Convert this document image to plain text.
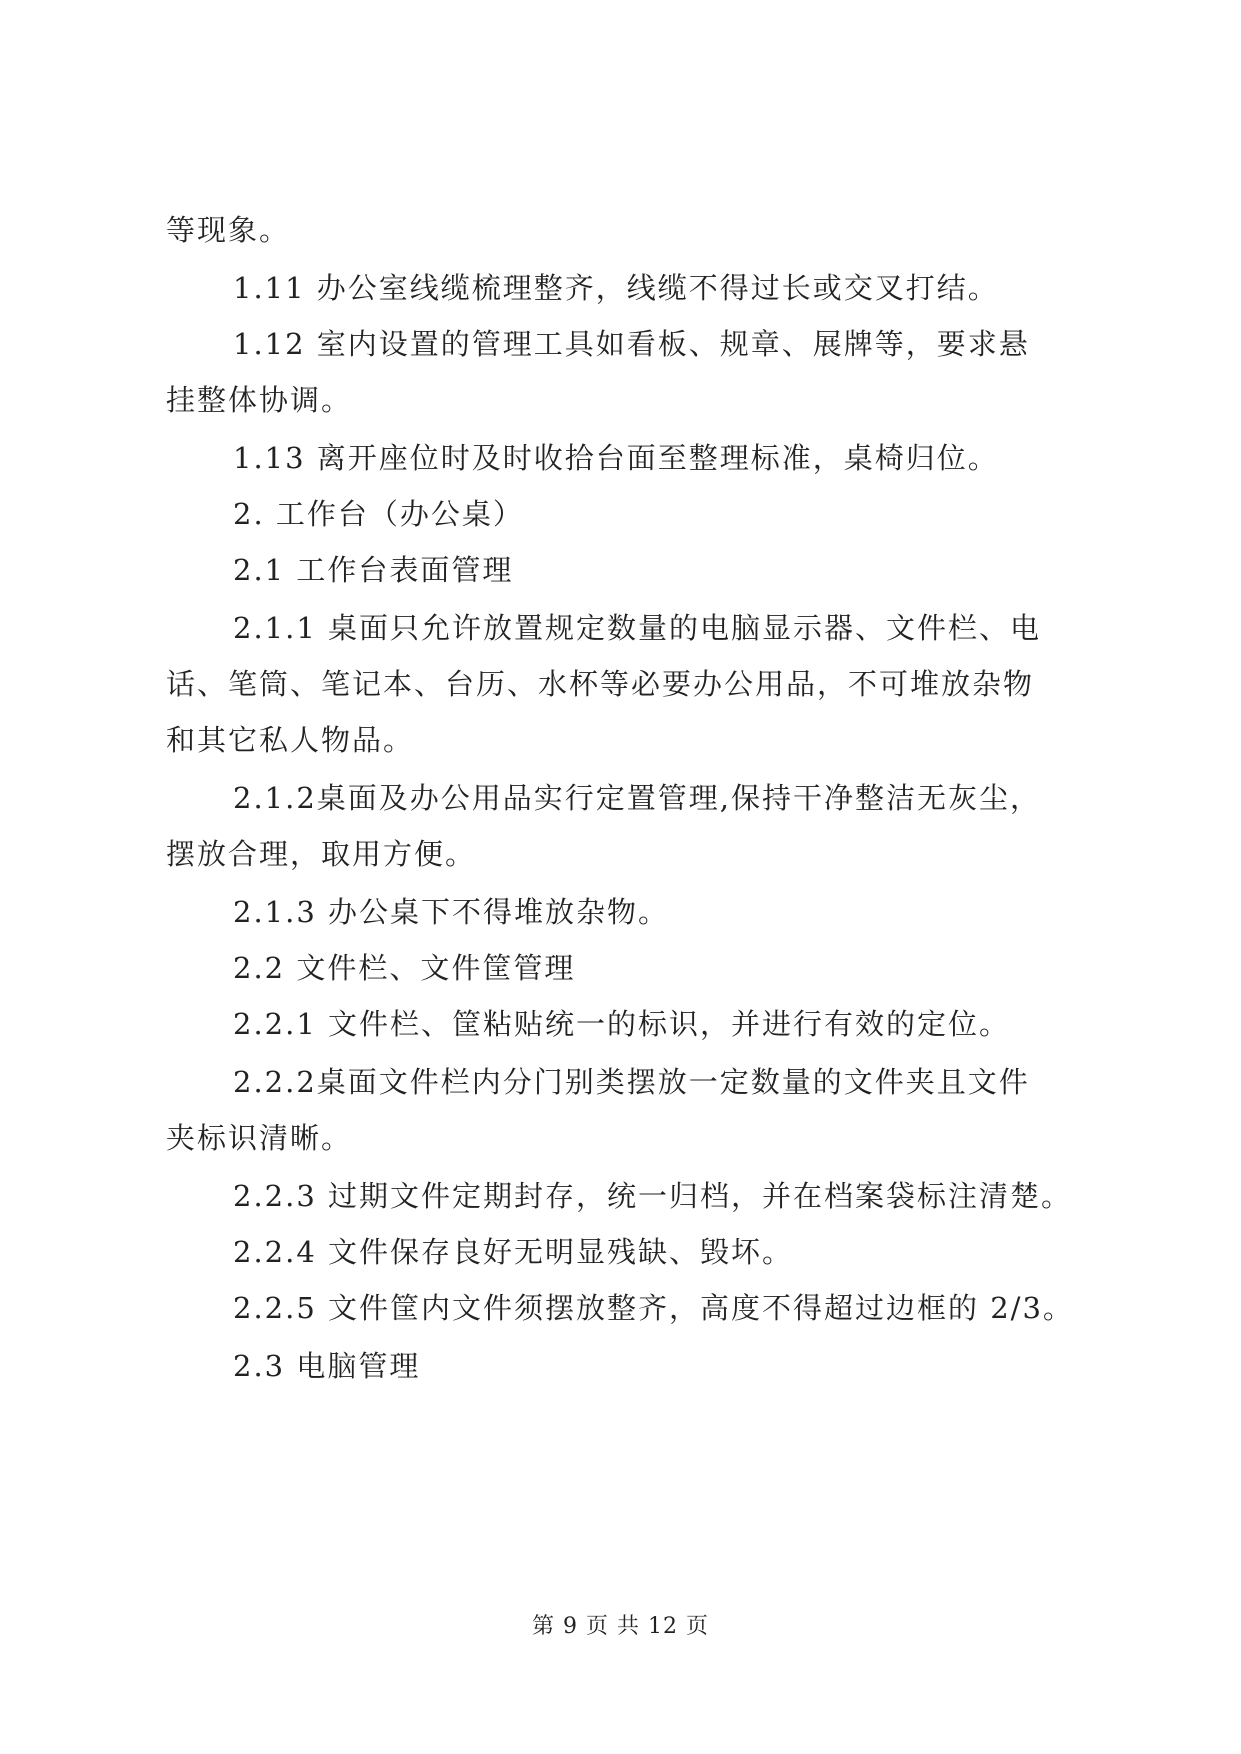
等现象。
1.11 办公室线缆梳理整齐，线缆不得过长或交叉打结。
1.12 室内设置的管理工具如看板、规章、展牌等，要求悬
挂整体协调。
1.13 离开座位时及时收拾台面至整理标准，桌椅归位。
2. 工作台（办公桌）
2.1 工作台表面管理
2.1.1 桌面只允许放置规定数量的电脑显示器、文件栏、电
话、笔筒、笔记本、台历、水杯等必要办公用品，不可堆放杂物
和其它私人物品。
2.1.2桌面及办公用品实行定置管理,保持干净整洁无灰尘，
摆放合理，取用方便。
2.1.3 办公桌下不得堆放杂物。
2.2 文件栏、文件筐管理
2.2.1 文件栏、筐粘贴统一的标识，并进行有效的定位。
2.2.2桌面文件栏内分门别类摆放一定数量的文件夹且文件
夹标识清晰。
2.2.3 过期文件定期封存，统一归档，并在档案袋标注清楚。
2.2.4 文件保存良好无明显残缺、毁坏。
2.2.5 文件筐内文件须摆放整齐，高度不得超过边框的 2/3。
2.3 电脑管理
第 9 页 共 12 页
